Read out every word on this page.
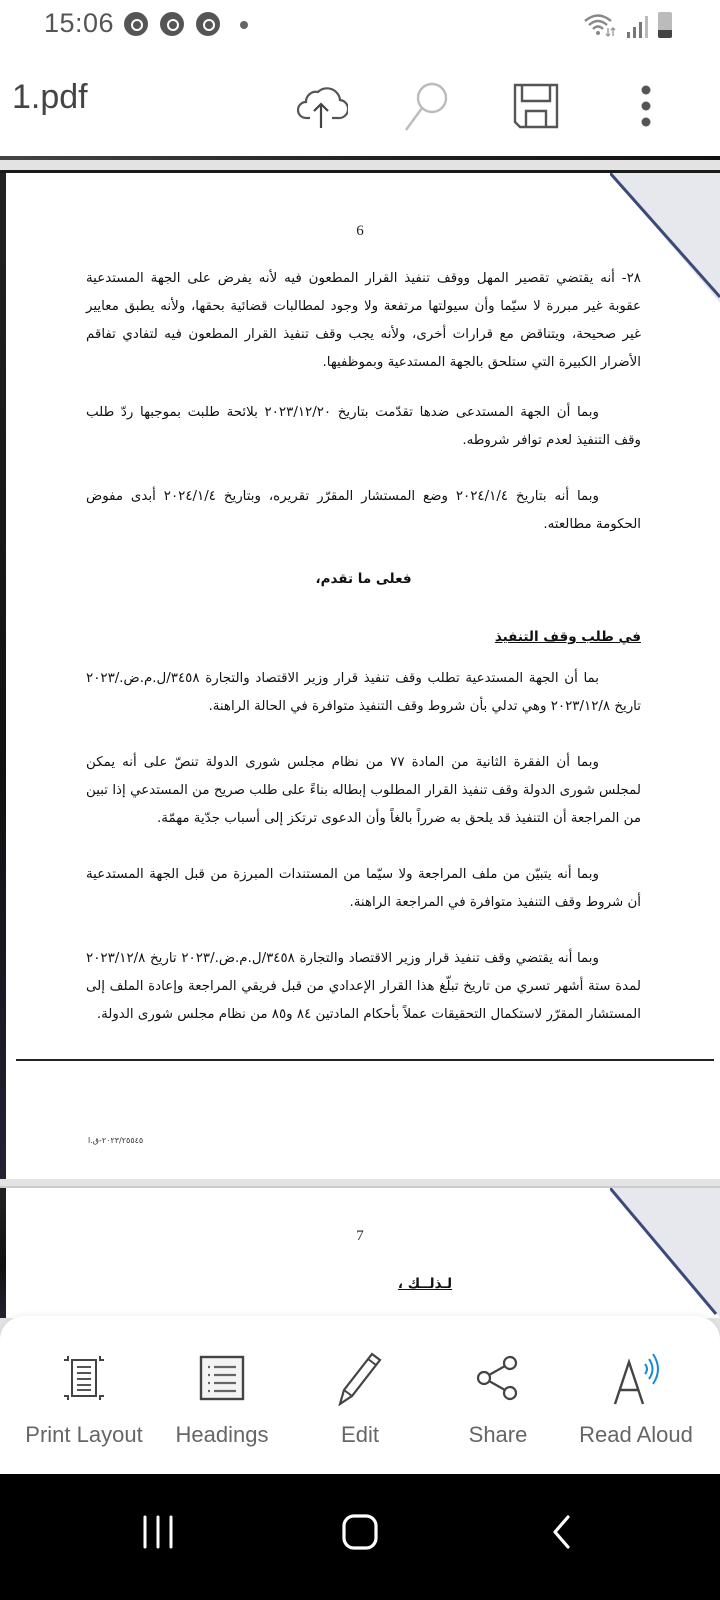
15:06
1.pdf
6
٢٨- أنه يقتضي تقصير المهل ووقف تنفيذ القرار المطعون فيه لأنه يفرض على الجهة المستدعية عقوبة غير مبررة لا سيّما وأن سيولتها مرتفعة ولا وجود لمطالبات قضائية بحقها، ولأنه يطبق معايير غير صحيحة، ويتناقض مع قرارات أخرى، ولأنه يجب وقف تنفيذ القرار المطعون فيه لتفادي تفاقم الأضرار الكبيرة التي ستلحق بالجهة المستدعية وبموظفيها.
وبما أن الجهة المستدعى ضدها تقدّمت بتاريخ ٢٠٢٣/١٢/٢٠ بلائحة طلبت بموجبها ردّ طلب وقف التنفيذ لعدم توافر شروطه.
وبما أنه بتاريخ ٢٠٢٤/١/٤ وضع المستشار المقرّر تقريره، وبتاريخ ٢٠٢٤/١/٤ أبدى مفوض الحكومة مطالعته.
فعلى ما تقدم،
في طلب وقف التنفيذ
بما أن الجهة المستدعية تطلب وقف تنفيذ قرار وزير الاقتصاد والتجارة ٣٤٥٨/ل.م.ض./٢٠٢٣ تاريخ ٢٠٢٣/١٢/٨ وهي تدلي بأن شروط وقف التنفيذ متوافرة في الحالة الراهنة.
وبما أن الفقرة الثانية من المادة ٧٧ من نظام مجلس شورى الدولة تنصّ على أنه يمكن لمجلس شورى الدولة وقف تنفيذ القرار المطلوب إبطاله بناءً على طلب صريح من المستدعي إذا تبين من المراجعة أن التنفيذ قد يلحق به ضرراً بالغاً وأن الدعوى ترتكز إلى أسباب جدّية مهمّة.
وبما أنه يتبيّن من ملف المراجعة ولا سيّما من المستندات المبرزة من قبل الجهة المستدعية أن شروط وقف التنفيذ متوافرة في المراجعة الراهنة.
وبما أنه يقتضي وقف تنفيذ قرار وزير الاقتصاد والتجارة ٣٤٥٨/ل.م.ض./٢٠٢٣ تاريخ ٢٠٢٣/١٢/٨ لمدة ستة أشهر تسري من تاريخ تبلّغ هذا القرار الإعدادي من قبل فريقي المراجعة وإعادة الملف إلى المستشار المقرّر لاستكمال التحقيقات عملاً بأحكام المادتين ٨٤ و٨٥ من نظام مجلس شورى الدولة.
٢٠٢٣/٢٥٥٤٥-ق.ا
7
لـذلــك ،
Print Layout	Headings	Edit	Share	Read Aloud
